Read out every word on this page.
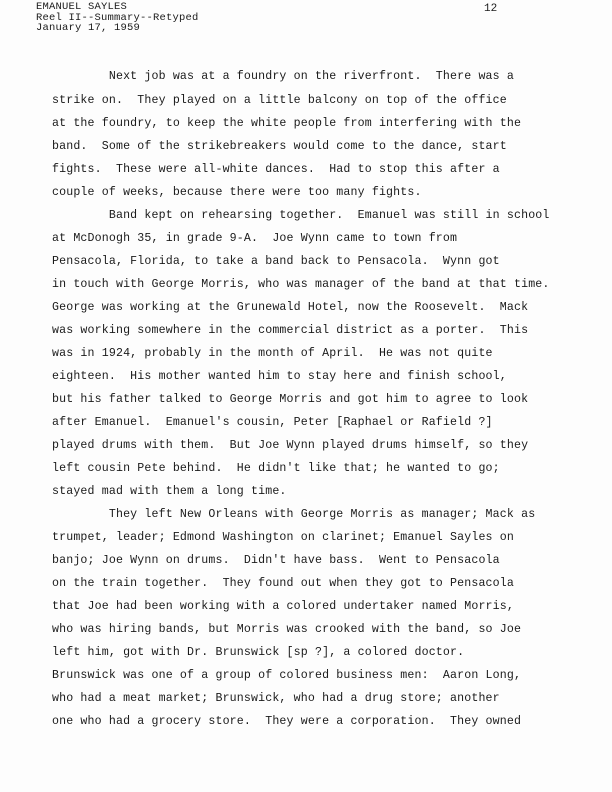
EMANUEL SAYLES
Reel II--Summary--Retyped
January 17, 1959
12
Next job was at a foundry on the riverfront.  There was a
strike on.  They played on a little balcony on top of the office
at the foundry, to keep the white people from interfering with the
band.  Some of the strikebreakers would come to the dance, start
fights.  These were all-white dances.  Had to stop this after a
couple of weeks, because there were too many fights.
Band kept on rehearsing together.  Emanuel was still in school
at McDonogh 35, in grade 9-A.  Joe Wynn came to town from
Pensacola, Florida, to take a band back to Pensacola.  Wynn got
in touch with George Morris, who was manager of the band at that time.
George was working at the Grunewald Hotel, now the Roosevelt.  Mack
was working somewhere in the commercial district as a porter.  This
was in 1924, probably in the month of April.  He was not quite
eighteen.  His mother wanted him to stay here and finish school,
but his father talked to George Morris and got him to agree to look
after Emanuel.  Emanuel's cousin, Peter [Raphael or Rafield ?]
played drums with them.  But Joe Wynn played drums himself, so they
left cousin Pete behind.  He didn't like that; he wanted to go;
stayed mad with them a long time.
They left New Orleans with George Morris as manager; Mack as
trumpet, leader; Edmond Washington on clarinet; Emanuel Sayles on
banjo; Joe Wynn on drums.  Didn't have bass.  Went to Pensacola
on the train together.  They found out when they got to Pensacola
that Joe had been working with a colored undertaker named Morris,
who was hiring bands, but Morris was crooked with the band, so Joe
left him, got with Dr. Brunswick [sp ?], a colored doctor.
Brunswick was one of a group of colored business men:  Aaron Long,
who had a meat market; Brunswick, who had a drug store; another
one who had a grocery store.  They were a corporation.  They owned
